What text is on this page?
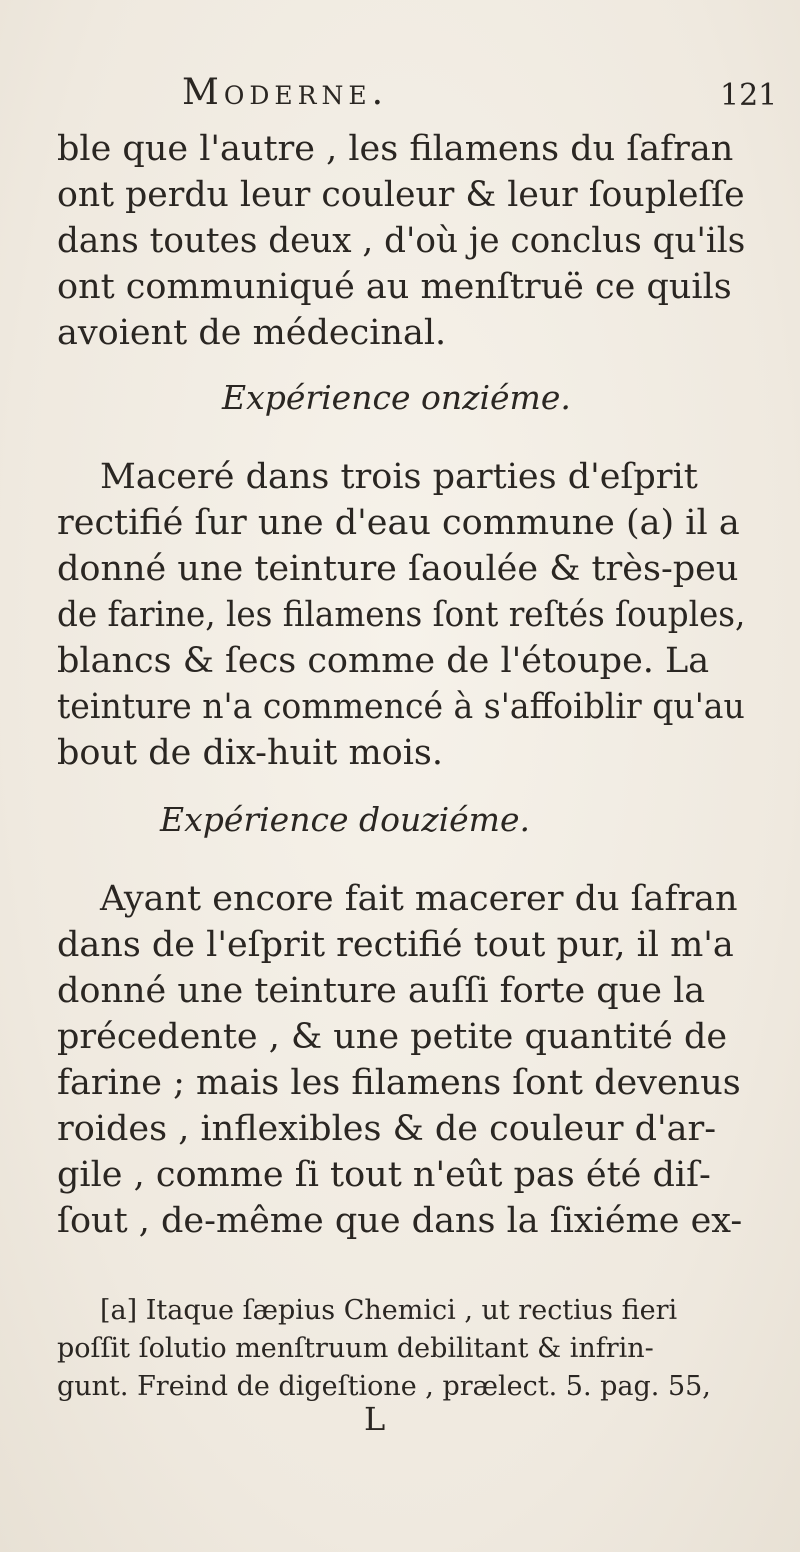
Moderne.	121
ble que l'autre , les filamens du ſafran
ont perdu leur couleur & leur ſoupleſſe
dans toutes deux , d'où je conclus qu'ils
ont communiqué au menſtruë ce quils
avoient de médecinal.
Expérience onziéme.
Maceré dans trois parties d'eſprit
rectifié ſur une d'eau commune (a) il a
donné une teinture ſaoulée & très-peu
de farine, les filamens ſont reſtés ſouples,
blancs & ſecs comme de l'étoupe. La
teinture n'a commencé à s'affoiblir qu'au
bout de dix-huit mois.
Expérience douziéme.
Ayant encore fait macerer du ſafran
dans de l'eſprit rectifié tout pur, il m'a
donné une teinture auſſi forte que la
précedente , & une petite quantité de
farine ; mais les filamens ſont devenus
roides , inflexibles & de couleur d'ar-
gile , comme ſi tout n'eût pas été diſ-
ſout , de-même que dans la ſixiéme ex-
[a] Itaque ſæpius Chemici , ut rectius fieri
poſſit ſolutio menſtruum debilitant & infrin-
gunt. Freind de digeſtione , prælect. 5. pag. 55,
L
